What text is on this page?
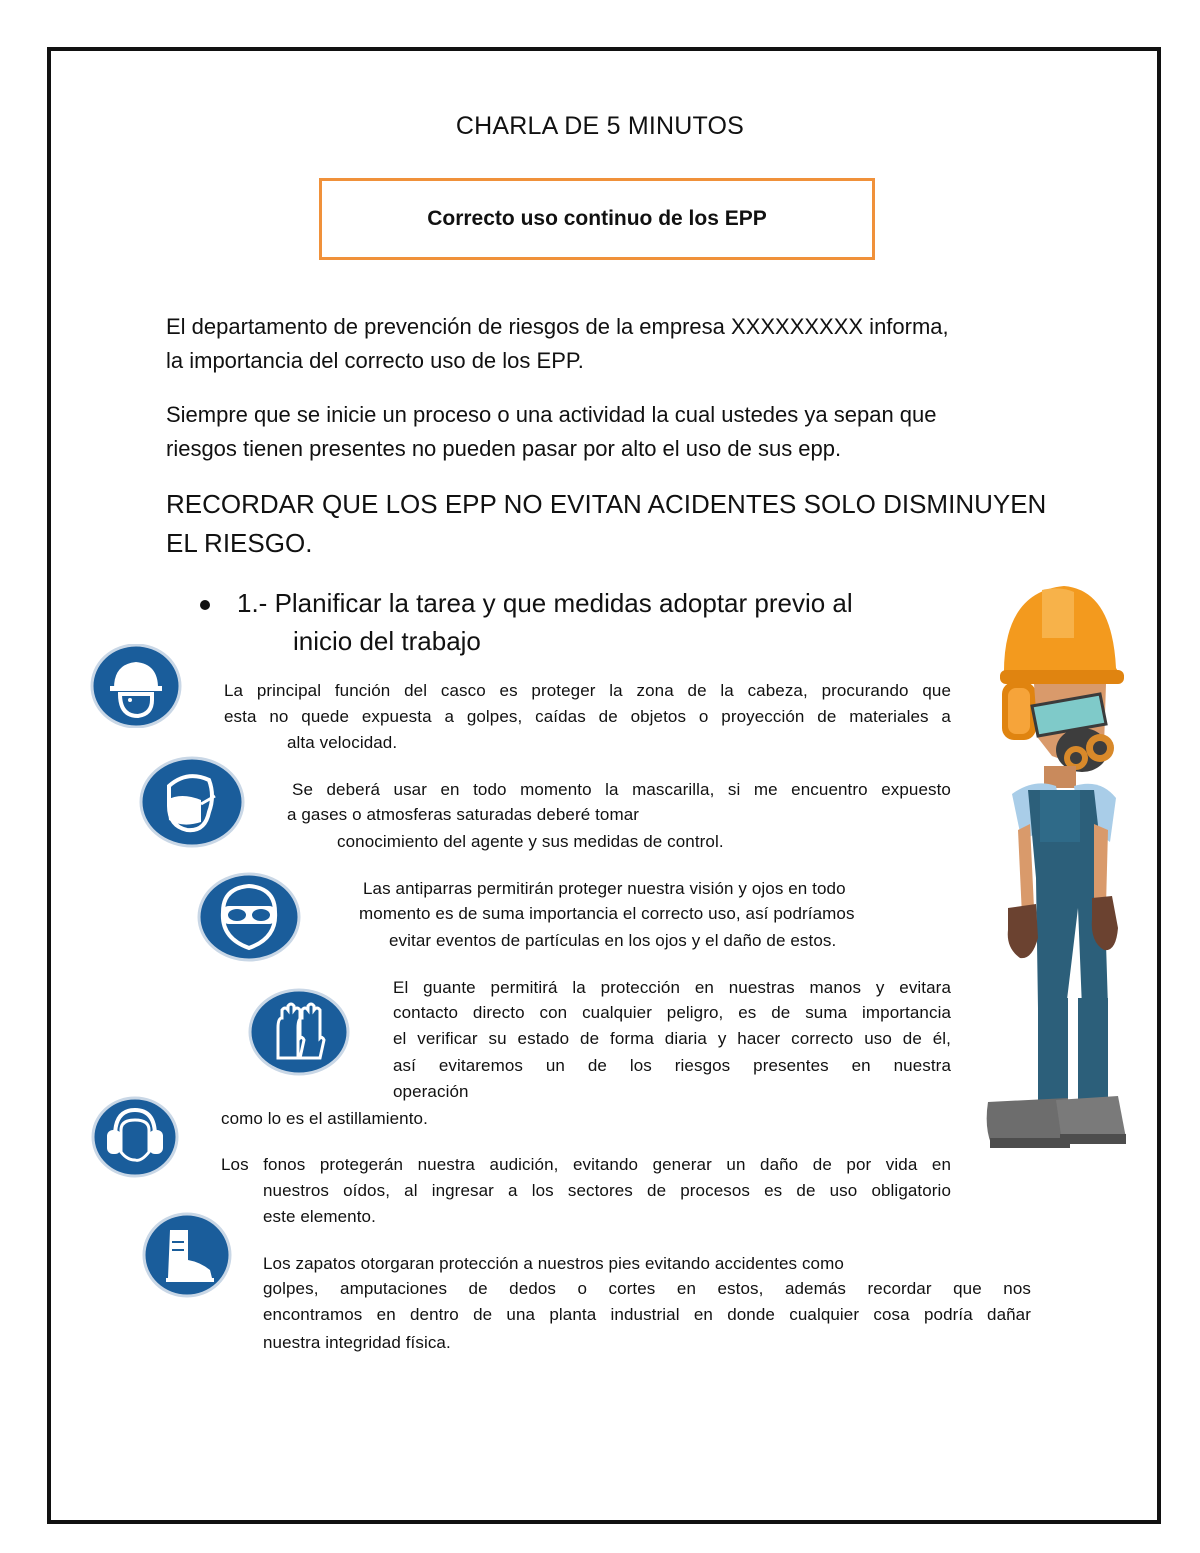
CHARLA DE 5 MINUTOS
Correcto uso continuo de los EPP
El departamento de prevención de riesgos de la empresa XXXXXXXXX informa,
la importancia del correcto uso de los EPP.
Siempre que se inicie un proceso o una actividad la cual ustedes ya sepan que
riesgos tienen presentes no pueden pasar por alto el uso de sus epp.
RECORDAR QUE LOS EPP NO EVITAN ACIDENTES SOLO DISMINUYEN
EL RIESGO.
1.- Planificar la tarea y que medidas adoptar previo al
inicio del trabajo
La principal función del casco es proteger la zona de la cabeza, procurando que
esta no quede expuesta a golpes, caídas de objetos o proyección de materiales a
alta velocidad.
Se deberá usar en todo momento la mascarilla, si me encuentro expuesto
a gases o atmosferas saturadas deberé tomar
conocimiento del agente y sus medidas de control.
Las antiparras permitirán proteger nuestra visión y ojos en todo
momento es de suma importancia el correcto uso, así podríamos
evitar eventos de partículas en los ojos y el daño de estos.
El guante permitirá la protección en nuestras manos y evitara
contacto directo con cualquier peligro, es de suma importancia
el verificar su estado de forma diaria y hacer correcto uso de él,
así evitaremos un de los riesgos presentes en nuestra
operación
como lo es el astillamiento.
Los fonos protegerán nuestra audición, evitando generar un daño de por vida en
nuestros oídos, al ingresar a los sectores de procesos es de uso obligatorio
este elemento.
Los zapatos otorgaran protección a nuestros pies evitando accidentes como
golpes, amputaciones de dedos o cortes en estos, además recordar que nos
encontramos en dentro de una planta industrial en donde cualquier cosa podría dañar
nuestra integridad física.
